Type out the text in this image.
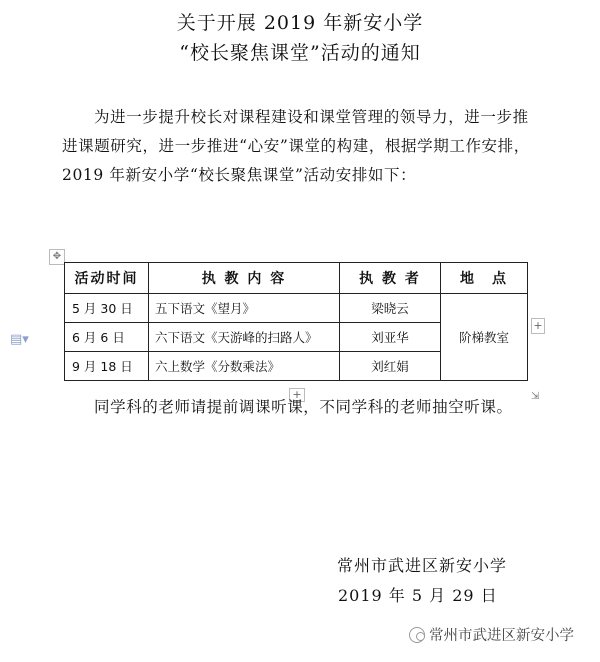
关于开展 2019 年新安小学
“校长聚焦课堂”活动的通知
为进一步提升校长对课程建设和课堂管理的领导力，进一步推进课题研究，进一步推进“心安”课堂的构建，根据学期工作安排，2019 年新安小学“校长聚焦课堂”活动安排如下：
✥
▤▾
活动时间	执 教 内 容	执 教 者	地　点
5 月 30 日	五下语文《望月》	梁晓云	阶梯教室
6 月 6 日	六下语文《天游峰的扫路人》	刘亚华	
9 月 18 日	六上数学《分数乘法》	刘红娟	
+
+	⇲
同学科的老师请提前调课听课，不同学科的老师抽空听课。
常州市武进区新安小学
2019 年 5 月 29 日
常州市武进区新安小学
